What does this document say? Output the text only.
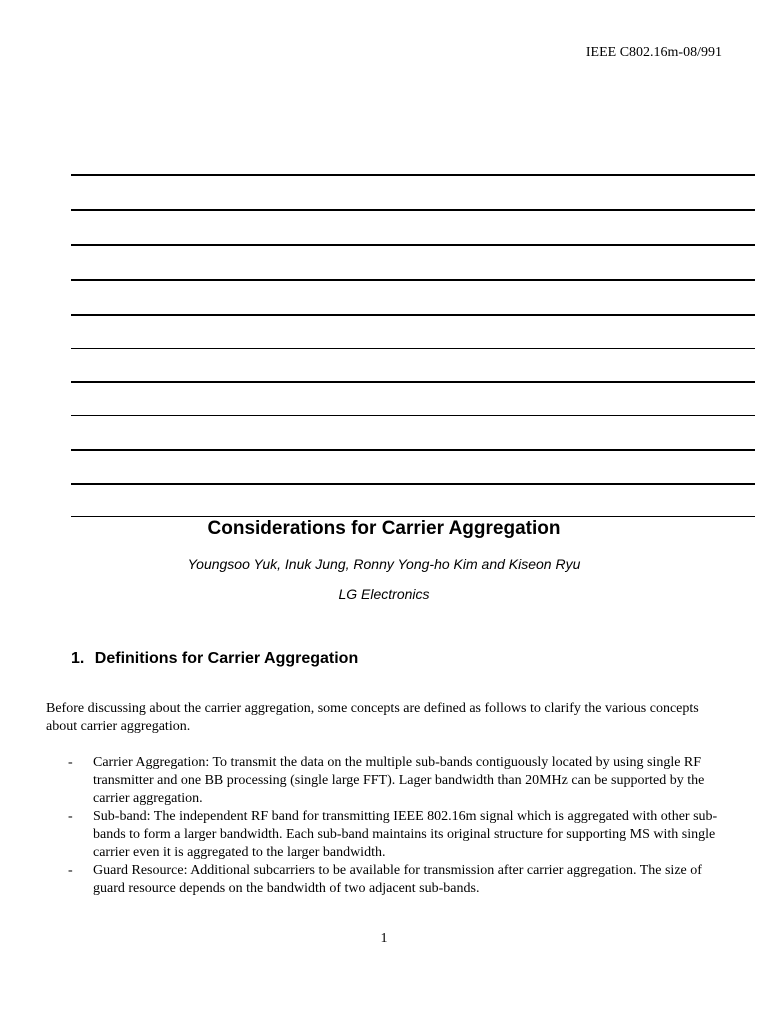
IEEE C802.16m-08/991
Considerations for Carrier Aggregation
Youngsoo Yuk, Inuk Jung, Ronny Yong-ho Kim and Kiseon Ryu
LG Electronics
1. Definitions for Carrier Aggregation
Before discussing about the carrier aggregation, some concepts are defined as follows to clarify the various concepts about carrier aggregation.
- Carrier Aggregation: To transmit the data on the multiple sub-bands contiguously located by using single RF transmitter and one BB processing (single large FFT). Lager bandwidth than 20MHz can be supported by the carrier aggregation.
- Sub-band: The independent RF band for transmitting IEEE 802.16m signal which is aggregated with other sub-bands to form a larger bandwidth. Each sub-band maintains its original structure for supporting MS with single carrier even it is aggregated to the larger bandwidth.
- Guard Resource: Additional subcarriers to be available for transmission after carrier aggregation. The size of guard resource depends on the bandwidth of two adjacent sub-bands.
1
